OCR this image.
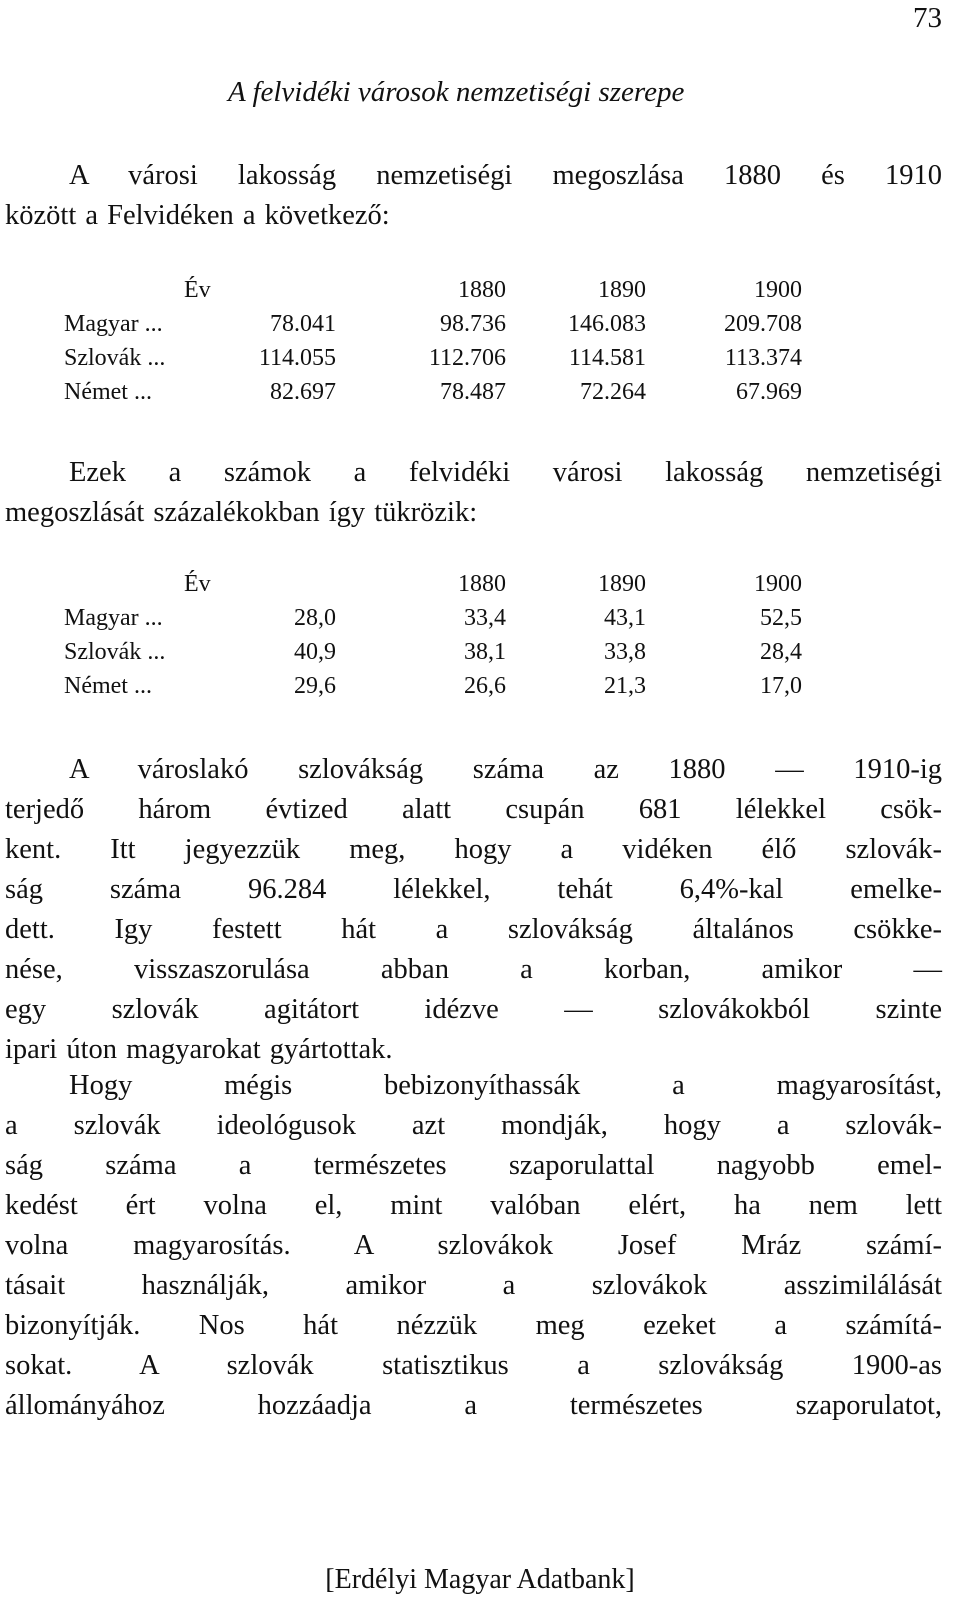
73
A felvidéki városok nemzetiségi szerepe
A városi lakosság nemzetiségi megoszlása 1880 és 1910
között a Felvidéken a következő:
	Év	1880	1890	1900
Magyar ...	78.041	98.736	146.083	209.708
Szlovák ...	114.055	112.706	114.581	113.374
Német ...	82.697	78.487	72.264	67.969
Ezek a számok a felvidéki városi lakosság nemzetiségi
megoszlását százalékokban így tükrözik:
	Év	1880	1890	1900
Magyar ...	28,0	33,4	43,1	52,5
Szlovák ...	40,9	38,1	33,8	28,4
Német ...	29,6	26,6	21,3	17,0
A városlakó szlovákság száma az 1880 — 1910-ig
terjedő három évtized alatt csupán 681 lélekkel csök-
kent. Itt jegyezzük meg, hogy a vidéken élő szlovák-
ság száma 96.284 lélekkel, tehát 6,4%-kal emelke-
dett. Igy festett hát a szlovákság általános csökke-
nése, visszaszorulása abban a korban, amikor —
egy szlovák agitátort idézve — szlovákokból szinte
ipari úton magyarokat gyártottak.
Hogy mégis bebizonyíthassák a magyarosítást,
a szlovák ideológusok azt mondják, hogy a szlovák-
ság száma a természetes szaporulattal nagyobb emel-
kedést ért volna el, mint valóban elért, ha nem lett
volna magyarosítás. A szlovákok Josef Mráz számí-
tásait használják, amikor a szlovákok asszimilálását
bizonyítják. Nos hát nézzük meg ezeket a számítá-
sokat. A szlovák statisztikus a szlovákság 1900-as
állományához hozzáadja a természetes szaporulatot,
[Erdélyi Magyar Adatbank]
